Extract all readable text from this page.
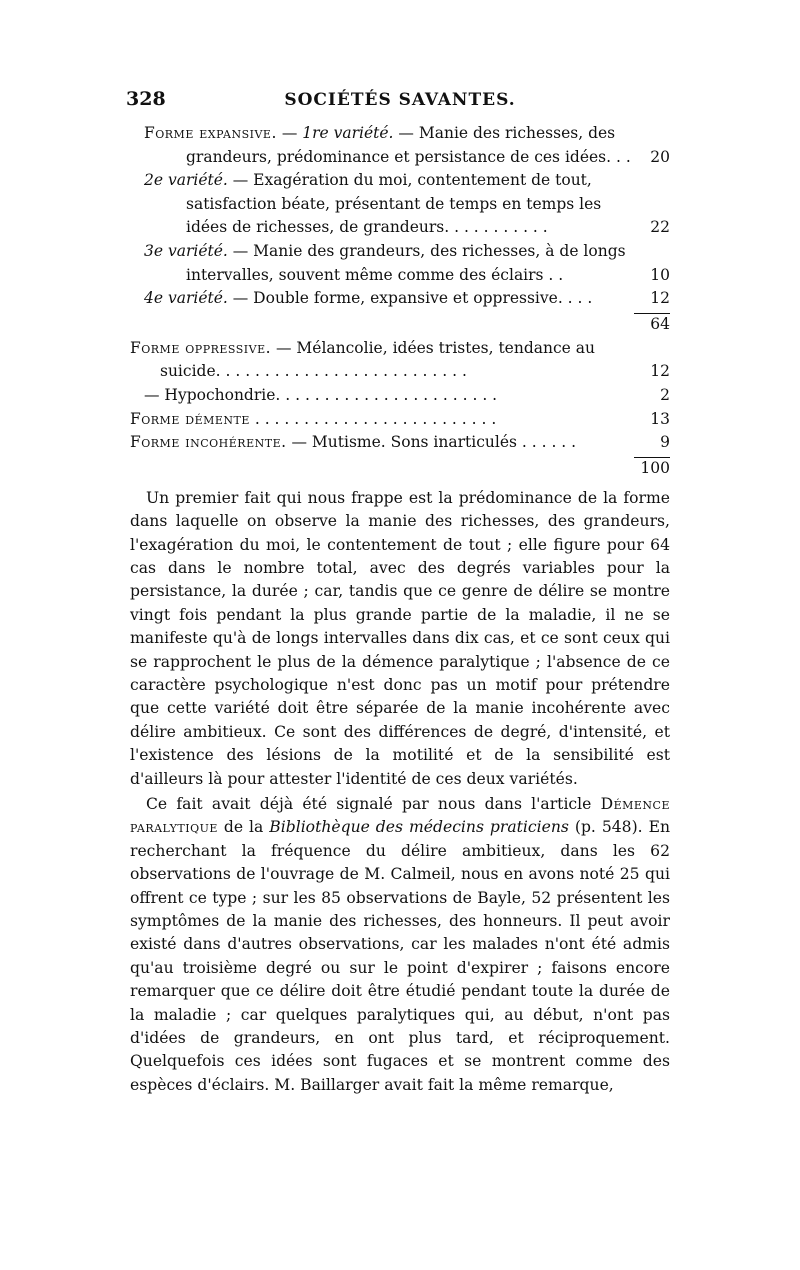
328	SOCIÉTÉS SAVANTES.
Forme expansive. — 1re variété. — Manie des richesses, des grandeurs, prédominance et persistance de ces idées. . .	20
2e variété. — Exagération du moi, contentement de tout, satisfaction béate, présentant de temps en temps les idées de richesses, de grandeurs. . . . . . . . . . .	22
3e variété. — Manie des grandeurs, des richesses, à de longs intervalles, souvent même comme des éclairs . .	10
4e variété. — Double forme, expansive et oppressive. . . .	12
64
Forme oppressive. — Mélancolie, idées tristes, tendance au suicide. . . . . . . . . . . . . . . . . . . . . . . . . .	12
— Hypochondrie. . . . . . . . . . . . . . . . . . . . . . .	2
Forme démente . . . . . . . . . . . . . . . . . . . . . . . . .	13
Forme incohérente. — Mutisme. Sons inarticulés . . . . . .	9
100

Un premier fait qui nous frappe est la prédominance de la forme dans laquelle on observe la manie des richesses, des grandeurs, l'exagération du moi, le contentement de tout ; elle figure pour 64 cas dans le nombre total, avec des degrés variables pour la persistance, la durée ; car, tandis que ce genre de délire se montre vingt fois pendant la plus grande partie de la maladie, il ne se manifeste qu'à de longs intervalles dans dix cas, et ce sont ceux qui se rapprochent le plus de la démence paralytique ; l'absence de ce caractère psychologique n'est donc pas un motif pour prétendre que cette variété doit être séparée de la manie incohérente avec délire ambitieux. Ce sont des différences de degré, d'intensité, et l'existence des lésions de la motilité et de la sensibilité est d'ailleurs là pour attester l'identité de ces deux variétés.

Ce fait avait déjà été signalé par nous dans l'article Démence paralytique de la Bibliothèque des médecins praticiens (p. 548). En recherchant la fréquence du délire ambitieux, dans les 62 observations de l'ouvrage de M. Calmeil, nous en avons noté 25 qui offrent ce type ; sur les 85 observations de Bayle, 52 présentent les symptômes de la manie des richesses, des honneurs. Il peut avoir existé dans d'autres observations, car les malades n'ont été admis qu'au troisième degré ou sur le point d'expirer ; faisons encore remarquer que ce délire doit être étudié pendant toute la durée de la maladie ; car quelques paralytiques qui, au début, n'ont pas d'idées de grandeurs, en ont plus tard, et réciproquement. Quelquefois ces idées sont fugaces et se montrent comme des espèces d'éclairs. M. Baillarger avait fait la même remarque,
